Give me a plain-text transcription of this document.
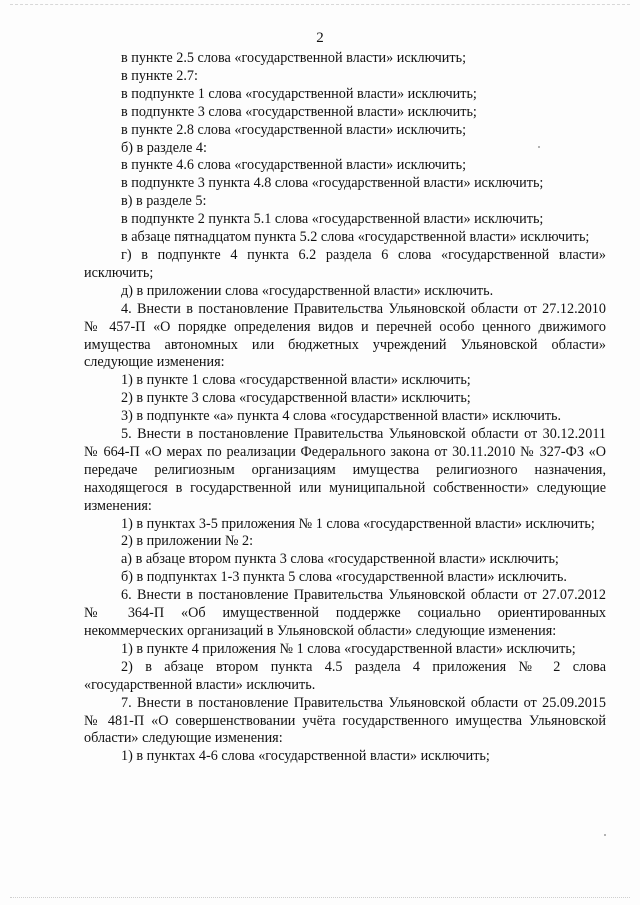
2

в пункте 2.5 слова «государственной власти» исключить;

в пункте 2.7:

в подпункте 1 слова «государственной власти» исключить;

в подпункте 3 слова «государственной власти» исключить;

в пункте 2.8 слова «государственной власти» исключить;

б) в разделе 4:

в пункте 4.6 слова «государственной власти» исключить;

в подпункте 3 пункта 4.8 слова «государственной власти» исключить;

в) в разделе 5:

в подпункте 2 пункта 5.1 слова «государственной власти» исключить;

в абзаце пятнадцатом пункта 5.2 слова «государственной власти» исключить;

г) в подпункте 4 пункта 6.2 раздела 6 слова «государственной власти» исключить;

д) в приложении слова «государственной власти» исключить.

4. Внести в постановление Правительства Ульяновской области от 27.12.2010 № 457-П «О порядке определения видов и перечней особо ценного движимого имущества автономных или бюджетных учреждений Ульяновской области» следующие изменения:

1) в пункте 1 слова «государственной власти» исключить;

2) в пункте 3 слова «государственной власти» исключить;

3) в подпункте «а» пункта 4 слова «государственной власти» исключить.

5. Внести в постановление Правительства Ульяновской области от 30.12.2011 № 664-П «О мерах по реализации Федерального закона от 30.11.2010 № 327-ФЗ «О передаче религиозным организациям имущества религиозного назначения, находящегося в государственной или муниципальной собственности» следующие изменения:

1) в пунктах 3-5 приложения № 1 слова «государственной власти» исключить;

2) в приложении № 2:

а) в абзаце втором пункта 3 слова «государственной власти» исключить;

б) в подпунктах 1-3 пункта 5 слова «государственной власти» исключить.

6. Внести в постановление Правительства Ульяновской области от 27.07.2012 № 364-П «Об имущественной поддержке социально ориентированных некоммерческих организаций в Ульяновской области» следующие изменения:

1) в пункте 4 приложения № 1 слова «государственной власти» исключить;

2) в абзаце втором пункта 4.5 раздела 4 приложения № 2 слова «государственной власти» исключить.

7. Внести в постановление Правительства Ульяновской области от 25.09.2015 № 481-П «О совершенствовании учёта государственного имущества Ульяновской области» следующие изменения:

1) в пунктах 4-6 слова «государственной власти» исключить;
